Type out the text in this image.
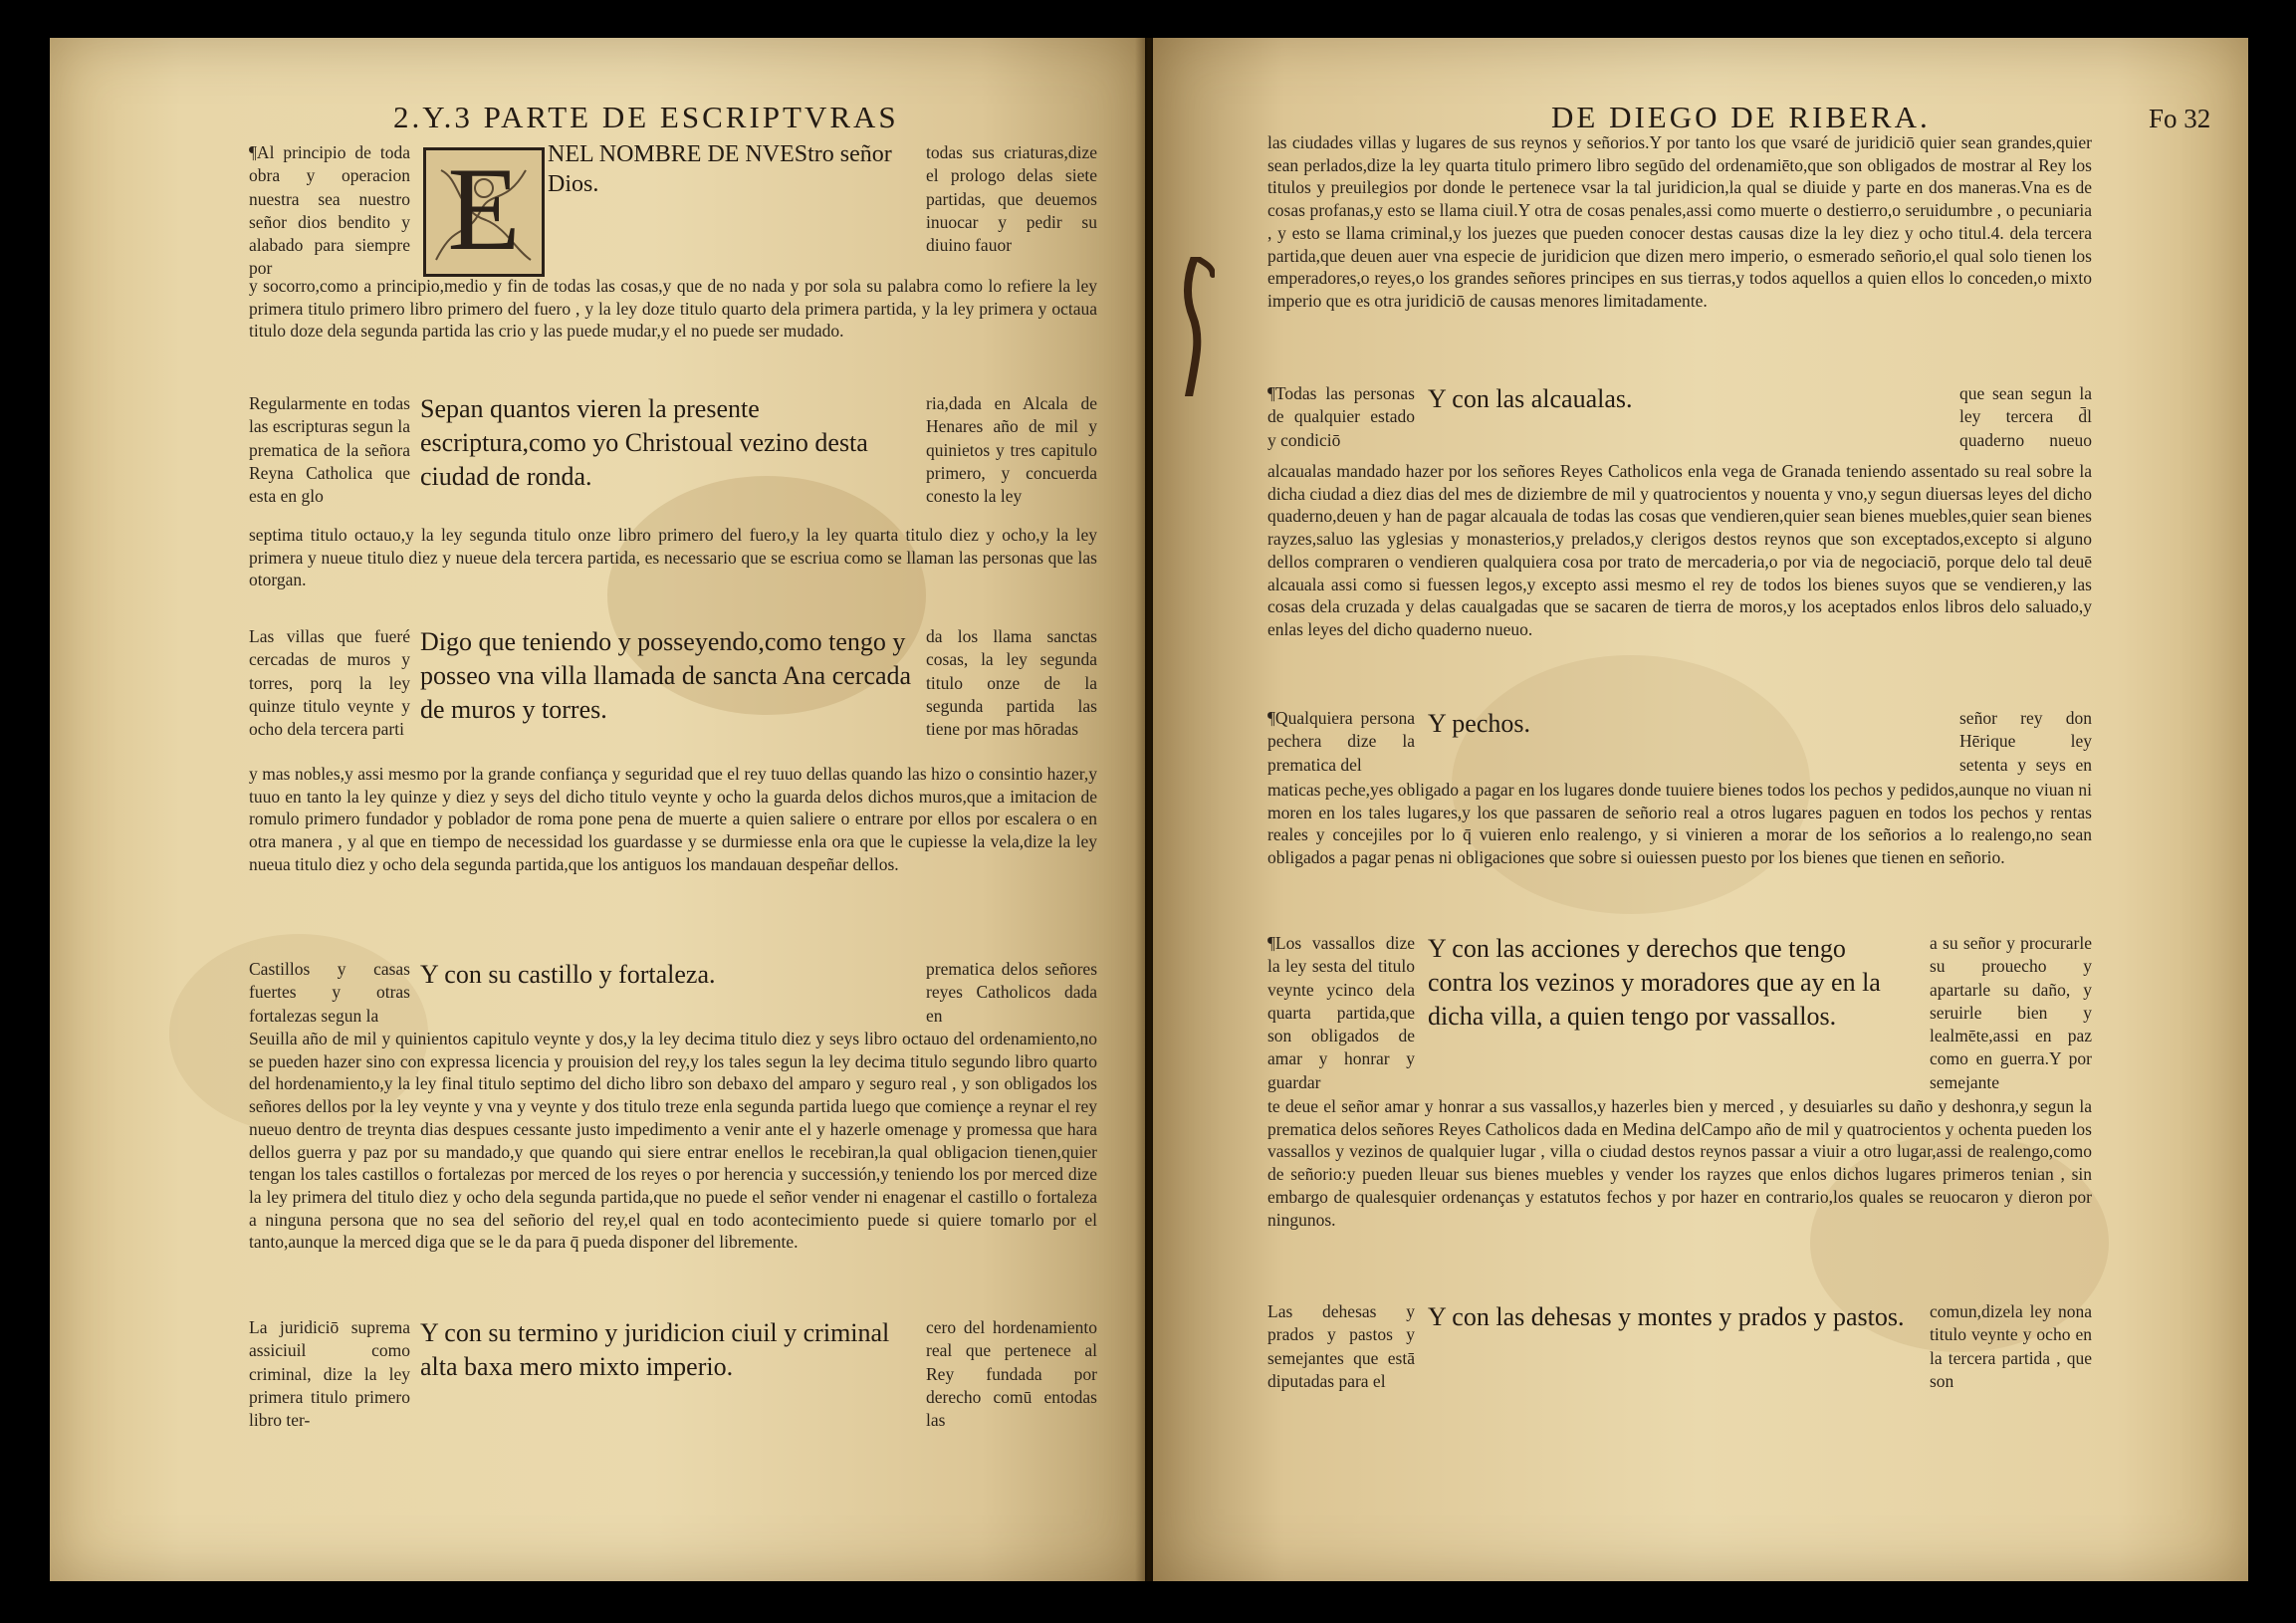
2.Y.3 PARTE DE ESCRIPTVRAS
¶Al principio de toda obra y operacion nuestra sea nuestro señor dios bendito y alabado para siempre por	E	NEL NOMBRE DE NVEStro señor Dios.
todas sus criaturas,dize el prologo delas siete partidas, que deuemos inuocar y pedir su diuino fauor
y socorro,como a principio,medio y fin de todas las cosas,y que de no nada y por sola su palabra como lo refiere la ley primera titulo primero libro primero del fuero , y la ley doze titulo quarto dela primera partida, y la ley primera y octaua titulo doze dela segunda partida las crio y las puede mudar,y el no puede ser mudado.
Regularmente en todas las escripturas segun la prematica de la señora Reyna Catholica que esta en glo
Sepan quantos vieren la presente escriptura,como yo Christoual vezino desta ciudad de ronda.
ria,dada en Alcala de Henares año de mil y quinietos y tres capitulo primero, y concuerda conesto la ley
septima titulo octauo,y la ley segunda titulo onze libro primero del fuero,y la ley quarta titulo diez y ocho,y la ley primera y nueue titulo diez y nueue dela tercera partida, es necessario que se escriua como se llaman las personas que las otorgan.
Las villas que fueré cercadas de muros y torres, porq la ley quinze titulo veynte y ocho dela tercera parti
Digo que teniendo y posseyendo,como tengo y posseo vna villa llamada de sancta Ana cercada de muros y torres.
da los llama sanctas cosas, la ley segunda titulo onze de la segunda partida las tiene por mas hōradas
y mas nobles,y assi mesmo por la grande confiança y seguridad que el rey tuuo dellas quando las hizo o consintio hazer,y tuuo en tanto la ley quinze y diez y seys del dicho titulo veynte y ocho la guarda delos dichos muros,que a imitacion de romulo primero fundador y poblador de roma pone pena de muerte a quien saliere o entrare por ellos por escalera o en otra manera , y al que en tiempo de necessidad los guardasse y se durmiesse enla ora que le cupiesse la vela,dize la ley nueua titulo diez y ocho dela segunda partida,que los antiguos los mandauan despeñar dellos.
Castillos y casas fuertes y otras fortalezas segun la
Y con su castillo y fortaleza.	prematica delos señores reyes Catholicos dada en
Seuilla año de mil y quinientos capitulo veynte y dos,y la ley decima titulo diez y seys libro octauo del ordenamiento,no se pueden hazer sino con expressa licencia y prouision del rey,y los tales segun la ley decima titulo segundo libro quarto del hordenamiento,y la ley final titulo septimo del dicho libro son debaxo del amparo y seguro real , y son obligados los señores dellos por la ley veynte y vna y veynte y dos titulo treze enla segunda partida luego que comiençe a reynar el rey nueuo dentro de treynta dias despues cessante justo impedimento a venir ante el y hazerle omenage y promessa que hara dellos guerra y paz por su mandado,y que quando qui siere entrar enellos le recebiran,la qual obligacion tienen,quier tengan los tales castillos o fortalezas por merced de los reyes o por herencia y successión,y teniendo los por merced dize la ley primera del titulo diez y ocho dela segunda partida,que no puede el señor vender ni enagenar el castillo o fortaleza a ninguna persona que no sea del señorio del rey,el qual en todo acontecimiento puede si quiere tomarlo por el tanto,aunque la merced diga que se le da para q̄ pueda disponer del libremente.
La juridiciō suprema assiciuil como criminal, dize la ley primera titulo primero libro ter-
Y con su termino y juridicion ciuil y criminal alta baxa mero mixto imperio.
cero del hordenamiento real que pertenece al Rey fundada por derecho comū entodas las
DE DIEGO DE RIBERA.	Fo 32
las ciudades villas y lugares de sus reynos y señorios.Y por tanto los que vsaré de juridiciō quier sean grandes,quier sean perlados,dize la ley quarta titulo primero libro segūdo del ordenamiēto,que son obligados de mostrar al Rey los titulos y preuilegios por donde le pertenece vsar la tal juridicion,la qual se diuide y parte en dos maneras.Vna es de cosas profanas,y esto se llama ciuil.Y otra de cosas penales,assi como muerte o destierro,o seruidumbre , o pecuniaria , y esto se llama criminal,y los juezes que pueden conocer destas causas dize la ley diez y ocho titul.4. dela tercera partida,que deuen auer vna especie de juridicion que dizen mero imperio, o esmerado señorio,el qual solo tienen los emperadores,o reyes,o los grandes señores principes en sus tierras,y todos aquellos a quien ellos lo conceden,o mixto imperio que es otra juridiciō de causas menores limitadamente.
¶Todas las personas de qualquier estado y condiciō
Y con las alcaualas.	que sean segun la ley tercera d̄l quaderno nueuo
alcaualas mandado hazer por los señores Reyes Catholicos enla vega de Granada teniendo assentado su real sobre la dicha ciudad a diez dias del mes de diziembre de mil y quatrocientos y nouenta y vno,y segun diuersas leyes del dicho quaderno,deuen y han de pagar alcauala de todas las cosas que vendieren,quier sean bienes muebles,quier sean bienes rayzes,saluo las yglesias y monasterios,y prelados,y clerigos destos reynos que son exceptados,excepto si alguno dellos compraren o vendieren qualquiera cosa por trato de mercaderia,o por via de negociaciō, porque delo tal deuē alcauala assi como si fuessen legos,y excepto assi mesmo el rey de todos los bienes suyos que se vendieren,y las cosas dela cruzada y delas caualgadas que se sacaren de tierra de moros,y los aceptados enlos libros delo saluado,y enlas leyes del dicho quaderno nueuo.
¶Qualquiera persona pechera dize la prematica del
Y pechos.	señor rey don Hērique ley setenta y seys en
maticas peche,yes obligado a pagar en los lugares donde tuuiere bienes todos los pechos y pedidos,aunque no viuan ni moren en los tales lugares,y los que passaren de señorio real a otros lugares paguen en todos los pechos y rentas reales y concejiles por lo q̄ vuieren enlo realengo, y si vinieren a morar de los señorios a lo realengo,no sean obligados a pagar penas ni obligaciones que sobre si ouiessen puesto por los bienes que tienen en señorio.
¶Los vassallos dize la ley sesta del titulo veynte ycinco dela quarta partida,que son obligados de amar y honrar y guardar
Y con las acciones y derechos que tengo contra los vezinos y moradores que ay en la dicha villa, a quien tengo por vassallos.
a su señor y procurarle su prouecho y apartarle su daño, y seruirle bien y lealmēte,assi en paz como en guerra.Y por semejante
te deue el señor amar y honrar a sus vassallos,y hazerles bien y merced , y desuiarles su daño y deshonra,y segun la prematica delos señores Reyes Catholicos dada en Medina delCampo año de mil y quatrocientos y ochenta pueden los vassallos y vezinos de qualquier lugar , villa o ciudad destos reynos passar a viuir a otro lugar,assi de realengo,como de señorio:y pueden lleuar sus bienes muebles y vender los rayzes que enlos dichos lugares primeros tenian , sin embargo de qualesquier ordenanças y estatutos fechos y por hazer en contrario,los quales se reuocaron y dieron por ningunos.
Las dehesas y prados y pastos y semejantes que estā diputadas para el
Y con las dehesas y montes y prados y pastos.	comun,dizela ley nona titulo veynte y ocho en la tercera partida , que son
